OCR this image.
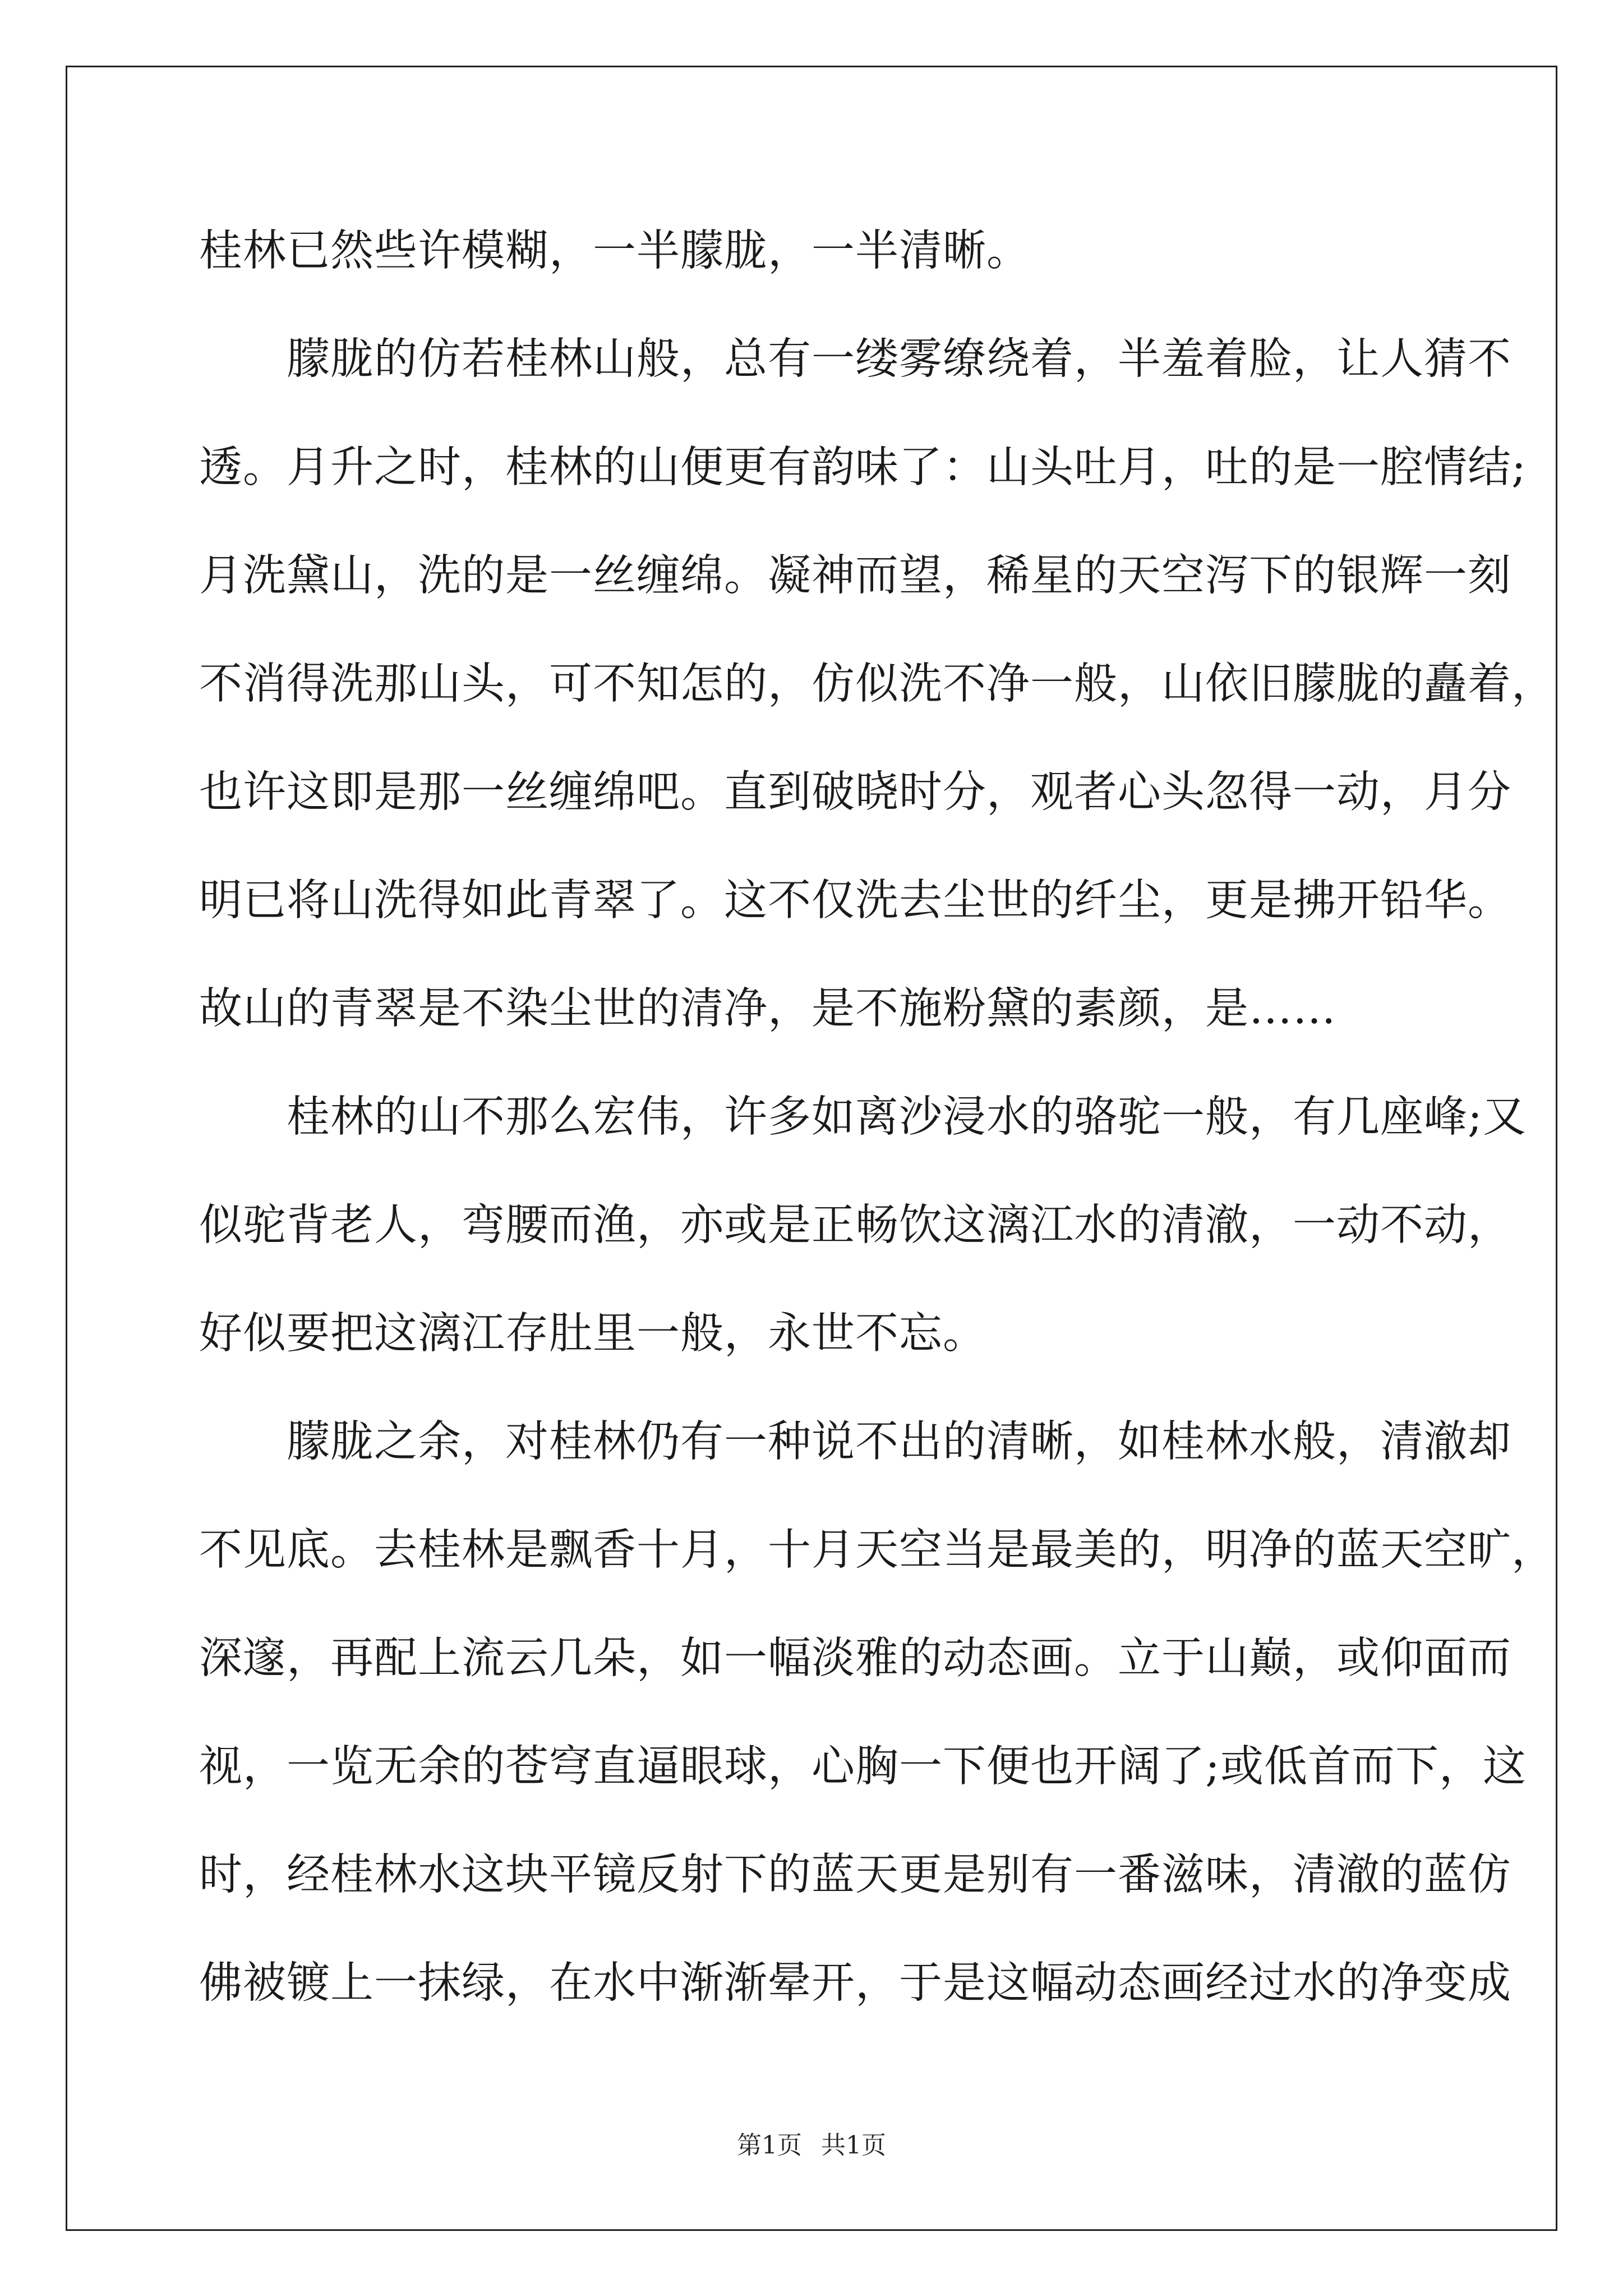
桂林已然些许模糊，一半朦胧，一半清晰。
　　朦胧的仿若桂林山般，总有一缕雾缭绕着，半羞着脸，让人猜不
透。月升之时，桂林的山便更有韵味了：山头吐月，吐的是一腔情结;
月洗黛山，洗的是一丝缠绵。凝神而望，稀星的天空泻下的银辉一刻
不消得洗那山头，可不知怎的，仿似洗不净一般，山依旧朦胧的矗着，
也许这即是那一丝缠绵吧。直到破晓时分，观者心头忽得一动，月分
明已将山洗得如此青翠了。这不仅洗去尘世的纤尘，更是拂开铅华。
故山的青翠是不染尘世的清净，是不施粉黛的素颜，是……
　　桂林的山不那么宏伟，许多如离沙浸水的骆驼一般，有几座峰;又
似驼背老人，弯腰而渔，亦或是正畅饮这漓江水的清澈，一动不动，
好似要把这漓江存肚里一般，永世不忘。
　　朦胧之余，对桂林仍有一种说不出的清晰，如桂林水般，清澈却
不见底。去桂林是飘香十月，十月天空当是最美的，明净的蓝天空旷，
深邃，再配上流云几朵，如一幅淡雅的动态画。立于山巅，或仰面而
视，一览无余的苍穹直逼眼球，心胸一下便也开阔了;或低首而下，这
时，经桂林水这块平镜反射下的蓝天更是别有一番滋味，清澈的蓝仿
佛被镀上一抹绿，在水中渐渐晕开，于是这幅动态画经过水的净变成
第1页 共1页
